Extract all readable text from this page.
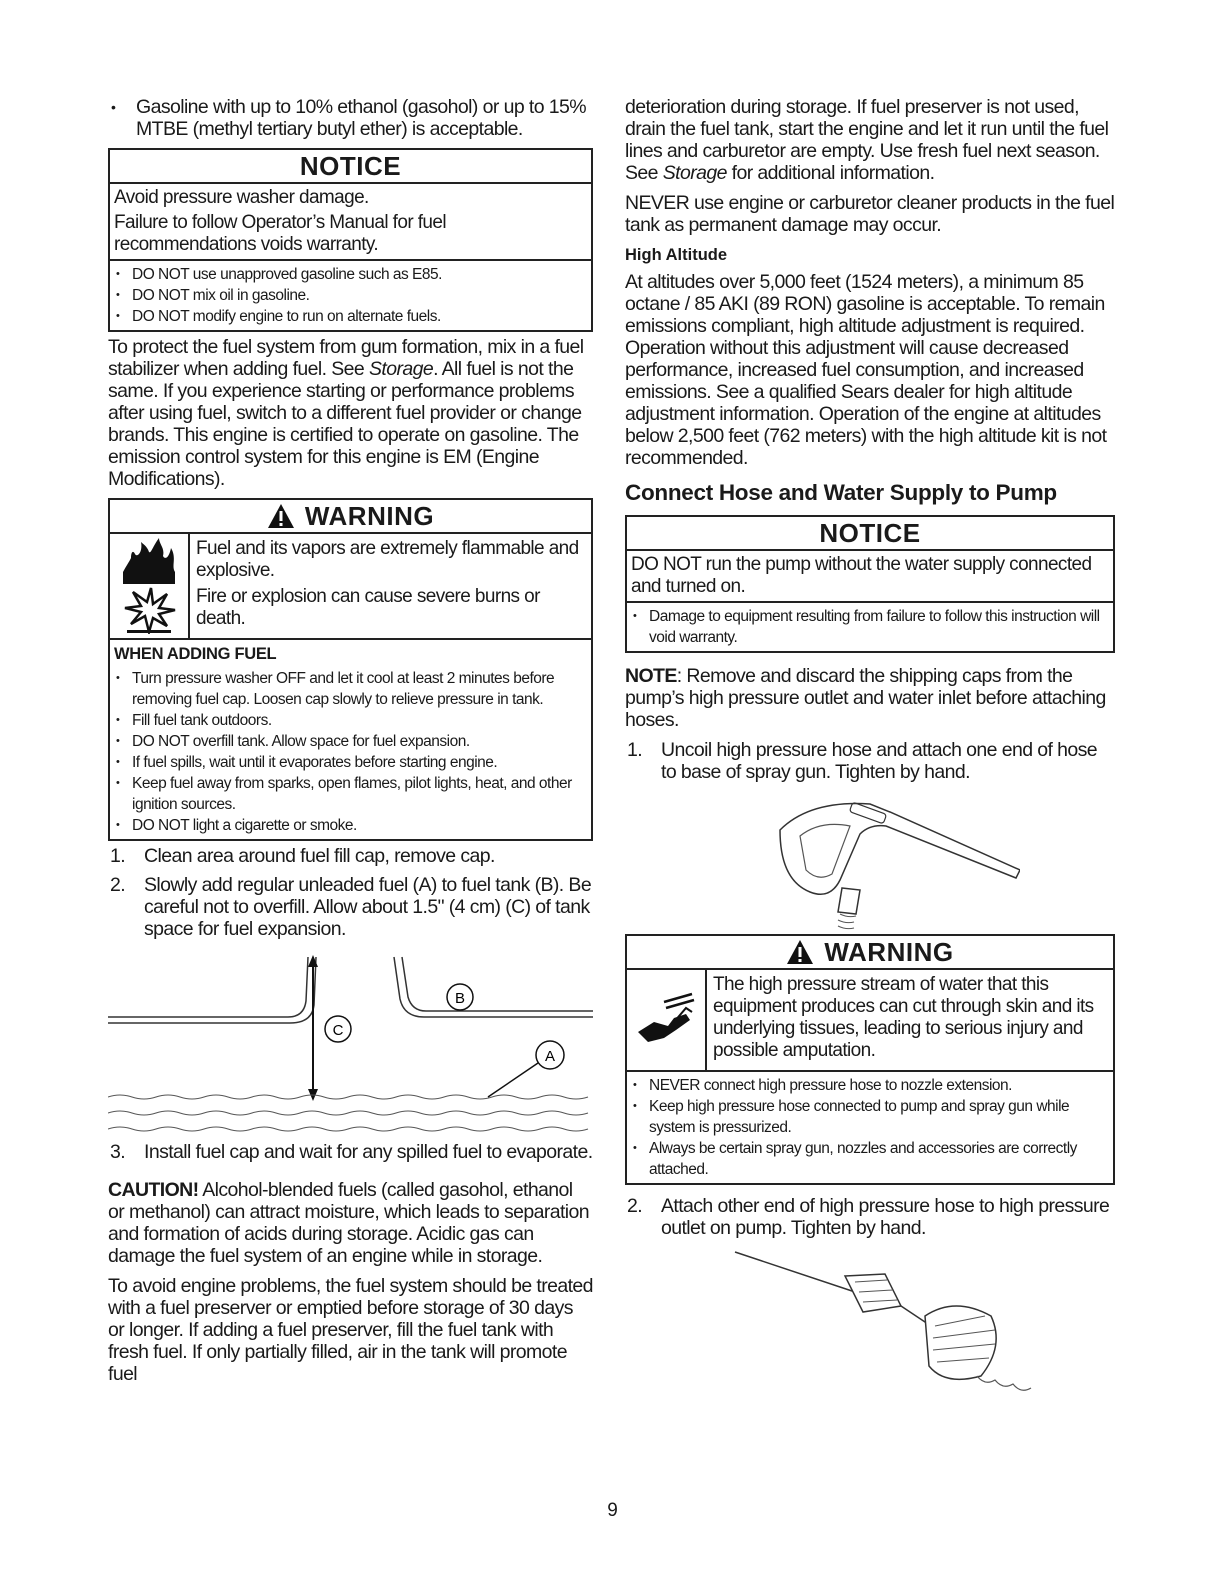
• Gasoline with up to 10% ethanol (gasohol) or up to 15% MTBE (methyl tertiary butyl ether) is acceptable.
NOTICE
Avoid pressure washer damage.
Failure to follow Operator’s Manual for fuel recommendations voids warranty.
• DO NOT use unapproved gasoline such as E85.
• DO NOT mix oil in gasoline.
• DO NOT modify engine to run on alternate fuels.

To protect the fuel system from gum formation, mix in a fuel stabilizer when adding fuel. See Storage. All fuel is not the same. If you experience starting or performance problems after using fuel, switch to a different fuel provider or change brands. This engine is certified to operate on gasoline. The emission control system for this engine is EM (Engine Modifications).

WARNING
Fuel and its vapors are extremely flammable and explosive.
Fire or explosion can cause severe burns or death.
WHEN ADDING FUEL
• Turn pressure washer OFF and let it cool at least 2 minutes before removing fuel cap. Loosen cap slowly to relieve pressure in tank.
• Fill fuel tank outdoors.
• DO NOT overfill tank. Allow space for fuel expansion.
• If fuel spills, wait until it evaporates before starting engine.
• Keep fuel away from sparks, open flames, pilot lights, heat, and other ignition sources.
• DO NOT light a cigarette or smoke.
1. Clean area around fuel fill cap, remove cap.
2. Slowly add regular unleaded fuel (A) to fuel tank (B). Be careful not to overfill. Allow about 1.5" (4 cm) (C) of tank space for fuel expansion.
C
B
A
3. Install fuel cap and wait for any spilled fuel to evaporate.

CAUTION! Alcohol-blended fuels (called gasohol, ethanol or methanol) can attract moisture, which leads to separation and formation of acids during storage. Acidic gas can damage the fuel system of an engine while in storage.

To avoid engine problems, the fuel system should be treated with a fuel preserver or emptied before storage of 30 days or longer. If adding a fuel preserver, fill the fuel tank with fresh fuel. If only partially filled, air in the tank will promote fuel

deterioration during storage. If fuel preserver is not used, drain the fuel tank, start the engine and let it run until the fuel lines and carburetor are empty. Use fresh fuel next season. See Storage for additional information.

NEVER use engine or carburetor cleaner products in the fuel tank as permanent damage may occur.

High Altitude

At altitudes over 5,000 feet (1524 meters), a minimum 85 octane / 85 AKI (89 RON) gasoline is acceptable. To remain emissions compliant, high altitude adjustment is required. Operation without this adjustment will cause decreased performance, increased fuel consumption, and increased emissions. See a qualified Sears dealer for high altitude adjustment information. Operation of the engine at altitudes below 2,500 feet (762 meters) with the high altitude kit is not recommended.

Connect Hose and Water Supply to Pump
NOTICE
DO NOT run the pump without the water supply connected and turned on.
• Damage to equipment resulting from failure to follow this instruction will void warranty.

NOTE: Remove and discard the shipping caps from the pump’s high pressure outlet and water inlet before attaching hoses.

1. Uncoil high pressure hose and attach one end of hose to base of spray gun. Tighten by hand.
WARNING
The high pressure stream of water that this equipment produces can cut through skin and its underlying tissues, leading to serious injury and possible amputation.
• NEVER connect high pressure hose to nozzle extension.
• Keep high pressure hose connected to pump and spray gun while system is pressurized.
• Always be certain spray gun, nozzles and accessories are correctly attached.
2. Attach other end of high pressure hose to high pressure outlet on pump. Tighten by hand.
9
